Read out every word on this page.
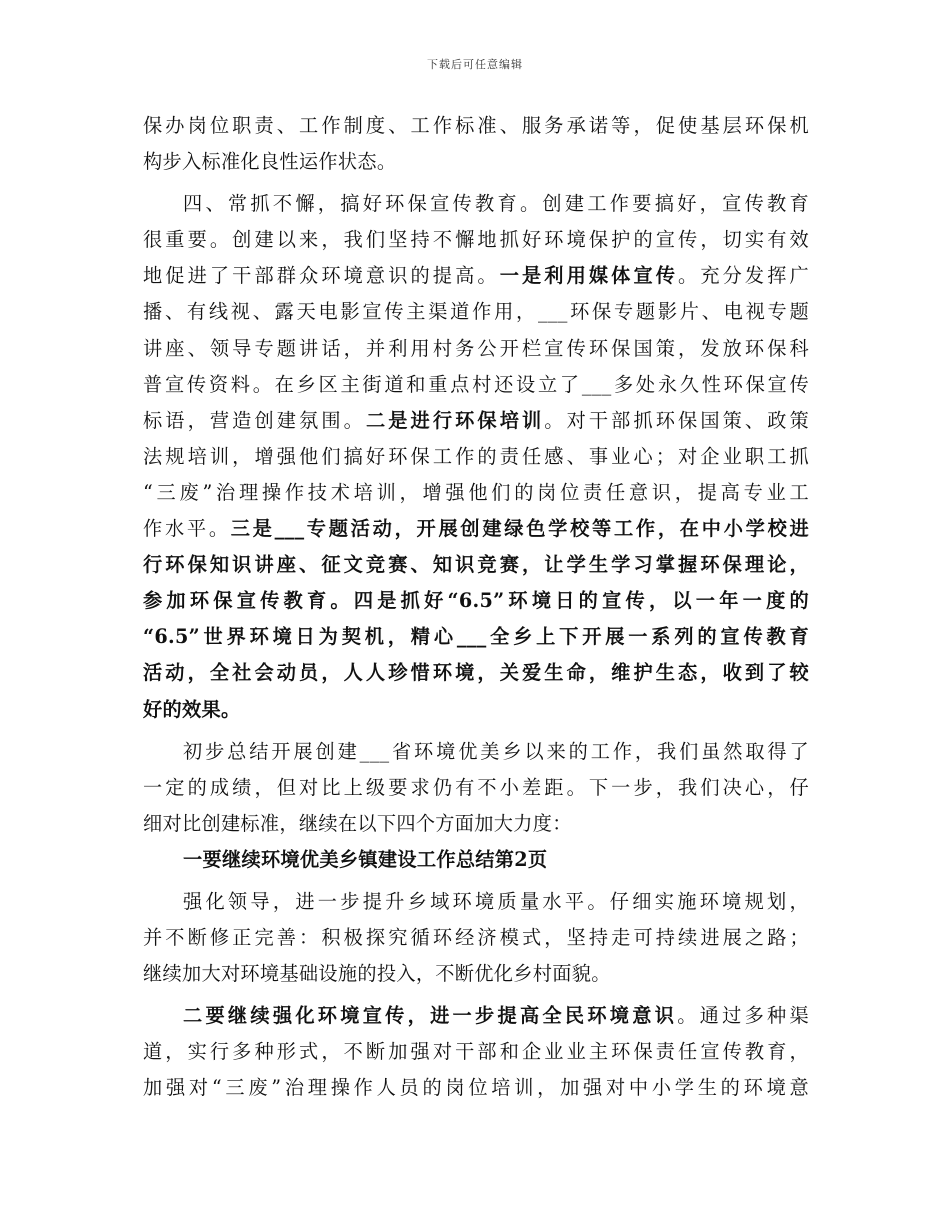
下载后可任意编辑
保办岗位职责、工作制度、工作标准、服务承诺等，促使基层环保机
构步入标准化良性运作状态。
四、常抓不懈，搞好环保宣传教育。创建工作要搞好，宣传教育
很重要。创建以来，我们坚持不懈地抓好环境保护的宣传，切实有效
地促进了干部群众环境意识的提高。一是利用媒体宣传。充分发挥广
播、有线视、露天电影宣传主渠道作用，___环保专题影片、电视专题
讲座、领导专题讲话，并利用村务公开栏宣传环保国策，发放环保科
普宣传资料。在乡区主街道和重点村还设立了___多处永久性环保宣传
标语，营造创建氛围。二是进行环保培训。对干部抓环保国策、政策
法规培训，增强他们搞好环保工作的责任感、事业心；对企业职工抓
“三废”治理操作技术培训，增强他们的岗位责任意识，提高专业工
作水平。三是___专题活动，开展创建绿色学校等工作，在中小学校进
行环保知识讲座、征文竞赛、知识竞赛，让学生学习掌握环保理论，
参加环保宣传教育。四是抓好“6.5”环境日的宣传，以一年一度的
“6.5”世界环境日为契机，精心___全乡上下开展一系列的宣传教育
活动，全社会动员，人人珍惜环境，关爱生命，维护生态，收到了较
好的效果。
初步总结开展创建___省环境优美乡以来的工作，我们虽然取得了
一定的成绩，但对比上级要求仍有不小差距。下一步，我们决心，仔
细对比创建标准，继续在以下四个方面加大力度：
一要继续环境优美乡镇建设工作总结第2页
强化领导，进一步提升乡域环境质量水平。仔细实施环境规划，
并不断修正完善：积极探究循环经济模式，坚持走可持续进展之路；
继续加大对环境基础设施的投入，不断优化乡村面貌。
二要继续强化环境宣传，进一步提高全民环境意识。通过多种渠
道，实行多种形式，不断加强对干部和企业业主环保责任宣传教育，
加强对“三废”治理操作人员的岗位培训，加强对中小学生的环境意
